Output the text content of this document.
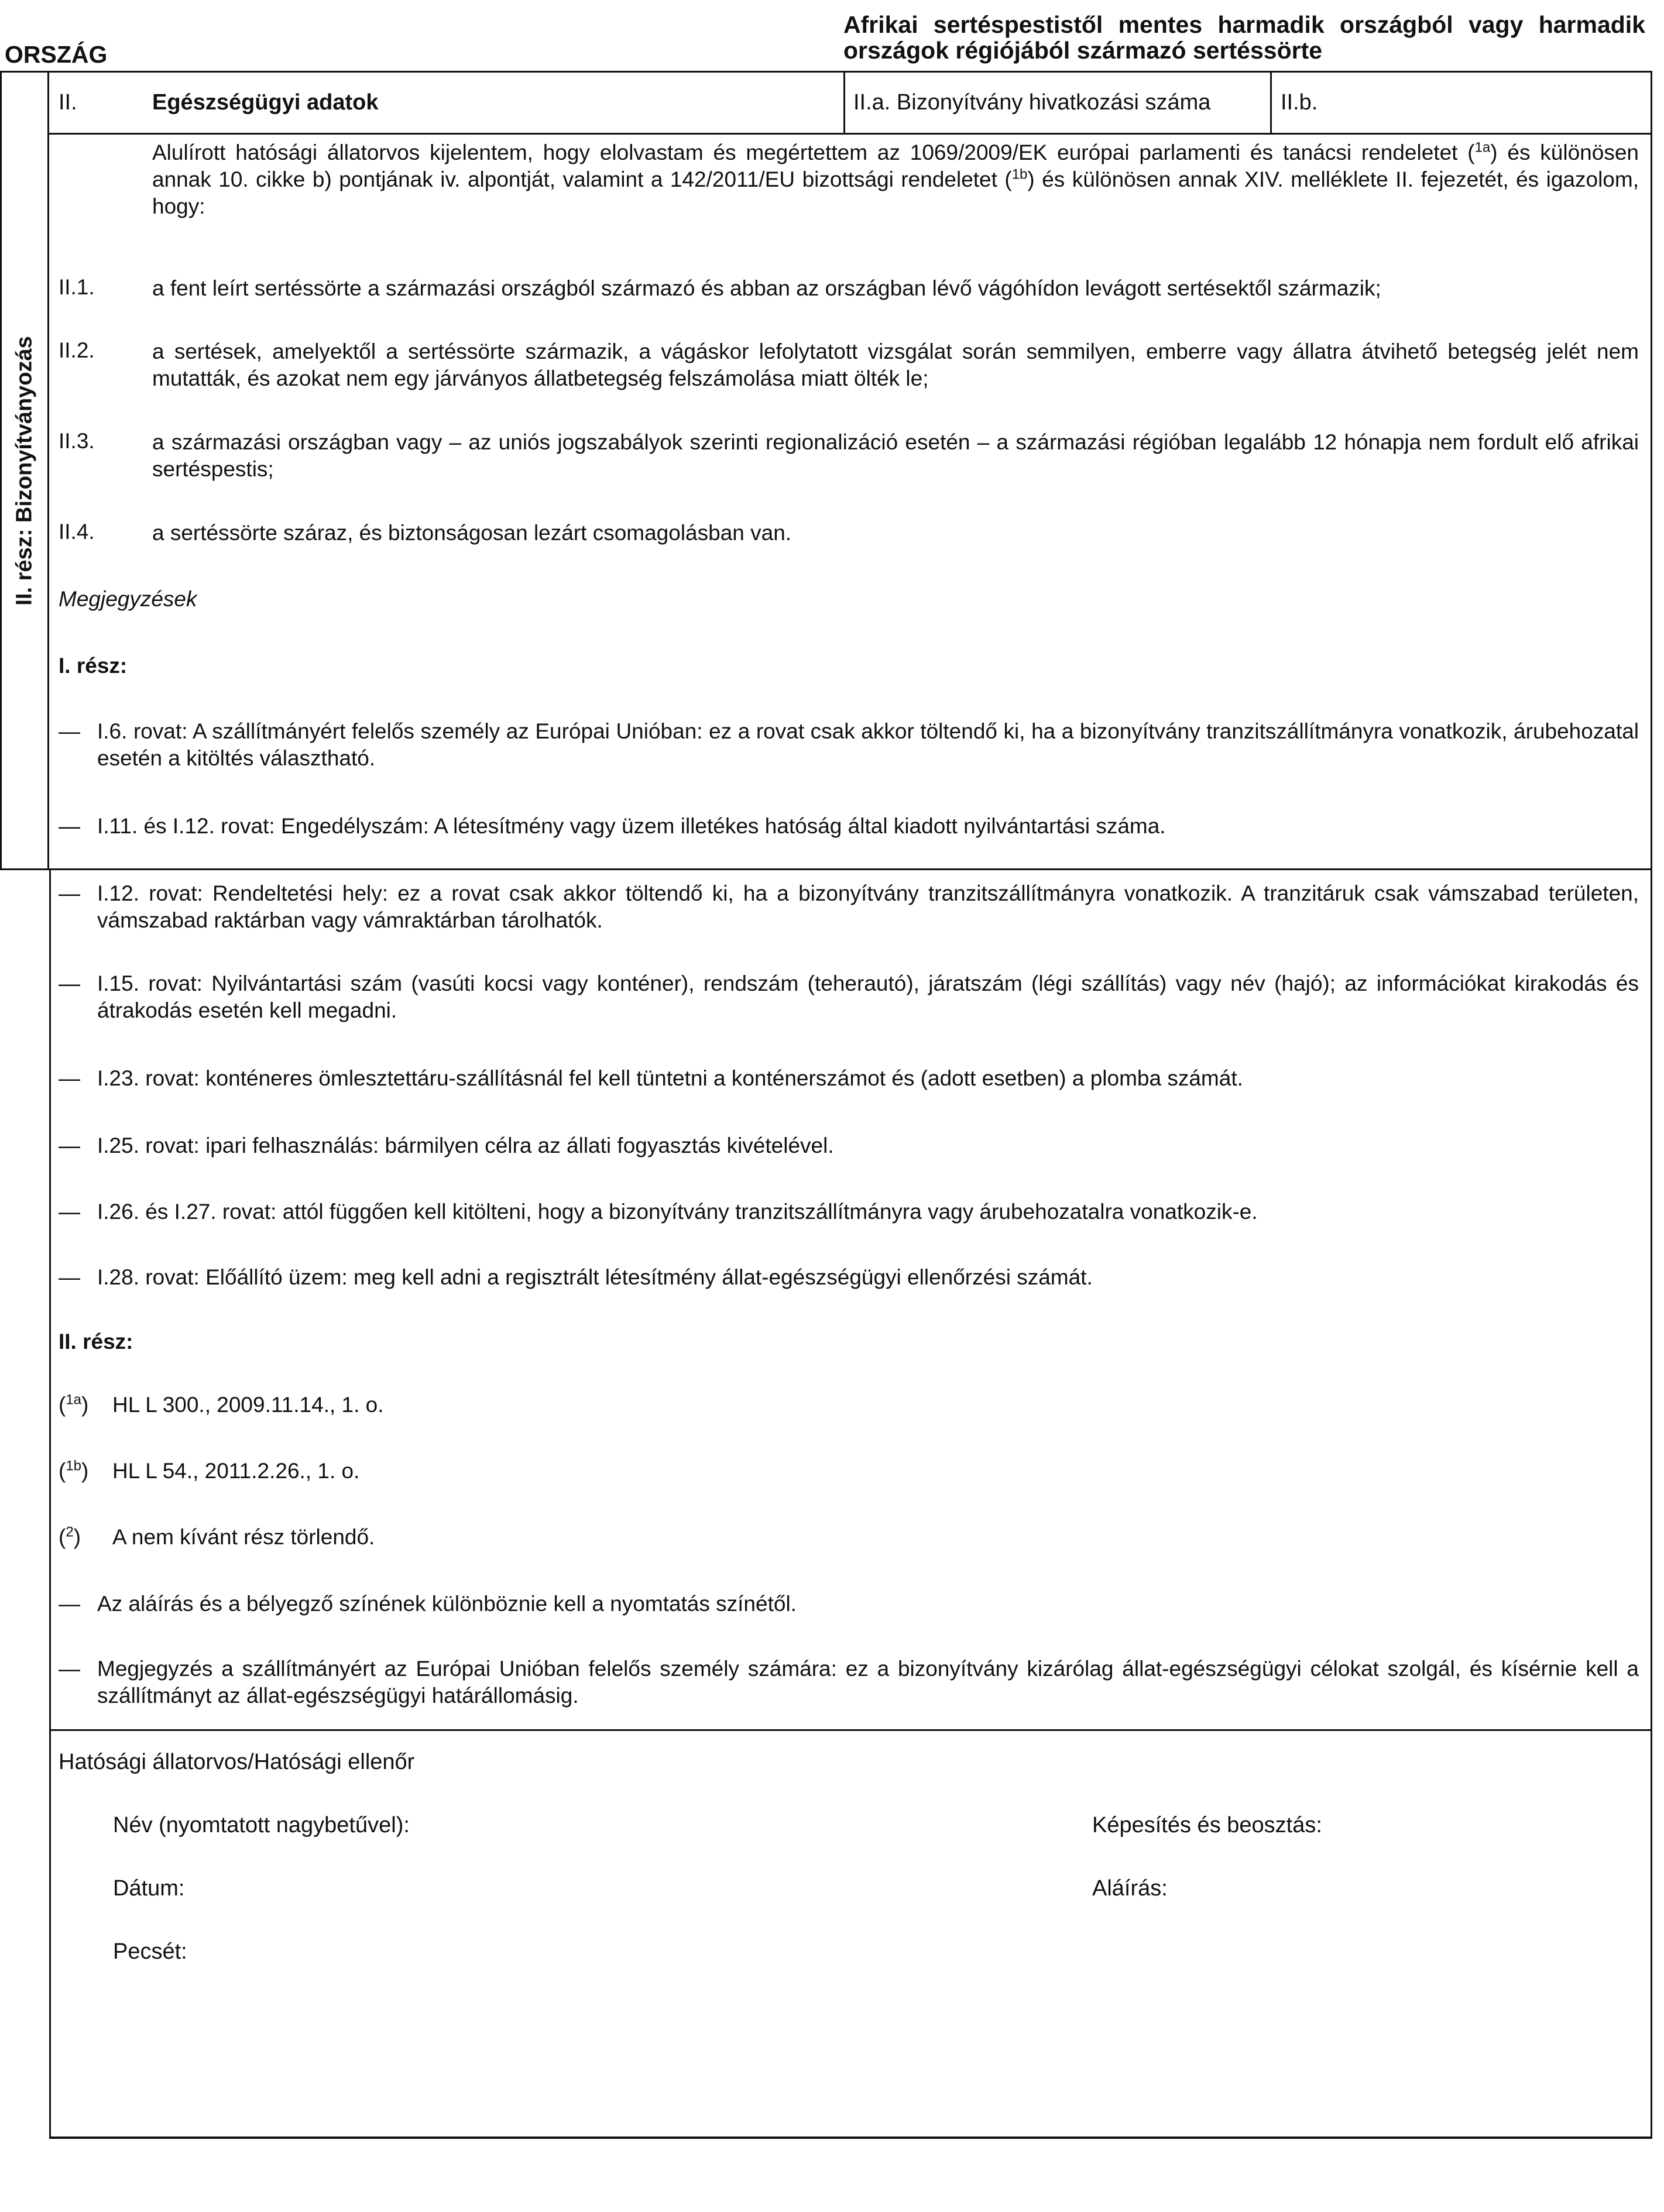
ORSZÁG
Afrikai sertéspestistől mentes harmadik országból vagy harmadik országok régiójából származó sertéssörte
II. rész: Bizonyítványozás
II.	Egészségügyi adatok	II.a. Bizonyítvány hivatkozási száma	II.b.
Alulírott hatósági állatorvos kijelentem, hogy elolvastam és megértettem az 1069/2009/EK európai parlamenti és tanácsi rendeletet ($^{1a}$) és különösen annak 10. cikke b) pontjának iv. alpontját, valamint a 142/2011/EU bizottsági rendeletet ($^{1b}$) és különösen annak XIV. melléklete II. fejezetét, és igazolom, hogy:
II.1.	a fent leírt sertéssörte a származási országból származó és abban az országban lévő vágóhídon levágott sertésektől származik;
II.2.	a sertések, amelyektől a sertéssörte származik, a vágáskor lefolytatott vizsgálat során semmilyen, emberre vagy állatra átvihető betegség jelét nem mutatták, és azokat nem egy járványos állatbetegség felszámolása miatt ölték le;
II.3.	a származási országban vagy – az uniós jogszabályok szerinti regionalizáció esetén – a származási régióban legalább 12 hónapja nem fordult elő afrikai sertéspestis;
II.4.	a sertéssörte száraz, és biztonságosan lezárt csomagolásban van.
Megjegyzések
I. rész:
— I.6. rovat: A szállítmányért felelős személy az Európai Unióban: ez a rovat csak akkor töltendő ki, ha a bizonyítvány tranzitszállítmányra vonatkozik, árubehozatal esetén a kitöltés választható.
— I.11. és I.12. rovat: Engedélyszám: A létesítmény vagy üzem illetékes hatóság által kiadott nyilvántartási száma.
— I.12. rovat: Rendeltetési hely: ez a rovat csak akkor töltendő ki, ha a bizonyítvány tranzitszállítmányra vonatkozik. A tranzitáruk csak vámszabad területen, vámszabad raktárban vagy vámraktárban tárolhatók.
— I.15. rovat: Nyilvántartási szám (vasúti kocsi vagy konténer), rendszám (teherautó), járatszám (légi szállítás) vagy név (hajó); az információkat kirakodás és átrakodás esetén kell megadni.
— I.23. rovat: konténeres ömlesztettáru-szállításnál fel kell tüntetni a konténerszámot és (adott esetben) a plomba számát.
— I.25. rovat: ipari felhasználás: bármilyen célra az állati fogyasztás kivételével.
— I.26. és I.27. rovat: attól függően kell kitölteni, hogy a bizonyítvány tranzitszállítmányra vagy árubehozatalra vonatkozik-e.
— I.28. rovat: Előállító üzem: meg kell adni a regisztrált létesítmény állat-egészségügyi ellenőrzési számát.
II. rész:
($^{1a}$) HL L 300., 2009.11.14., 1. o.
($^{1b}$) HL L 54., 2011.2.26., 1. o.
($^2$) A nem kívánt rész törlendő.
— Az aláírás és a bélyegző színének különböznie kell a nyomtatás színétől.
— Megjegyzés a szállítmányért az Európai Unióban felelős személy számára: ez a bizonyítvány kizárólag állat-egészségügyi célokat szolgál, és kísérnie kell a szállítmányt az állat-egészségügyi határállomásig.
Hatósági állatorvos/Hatósági ellenőr
Név (nyomtatott nagybetűvel):	Képesítés és beosztás:
Dátum:	Aláírás:
Pecsét:
